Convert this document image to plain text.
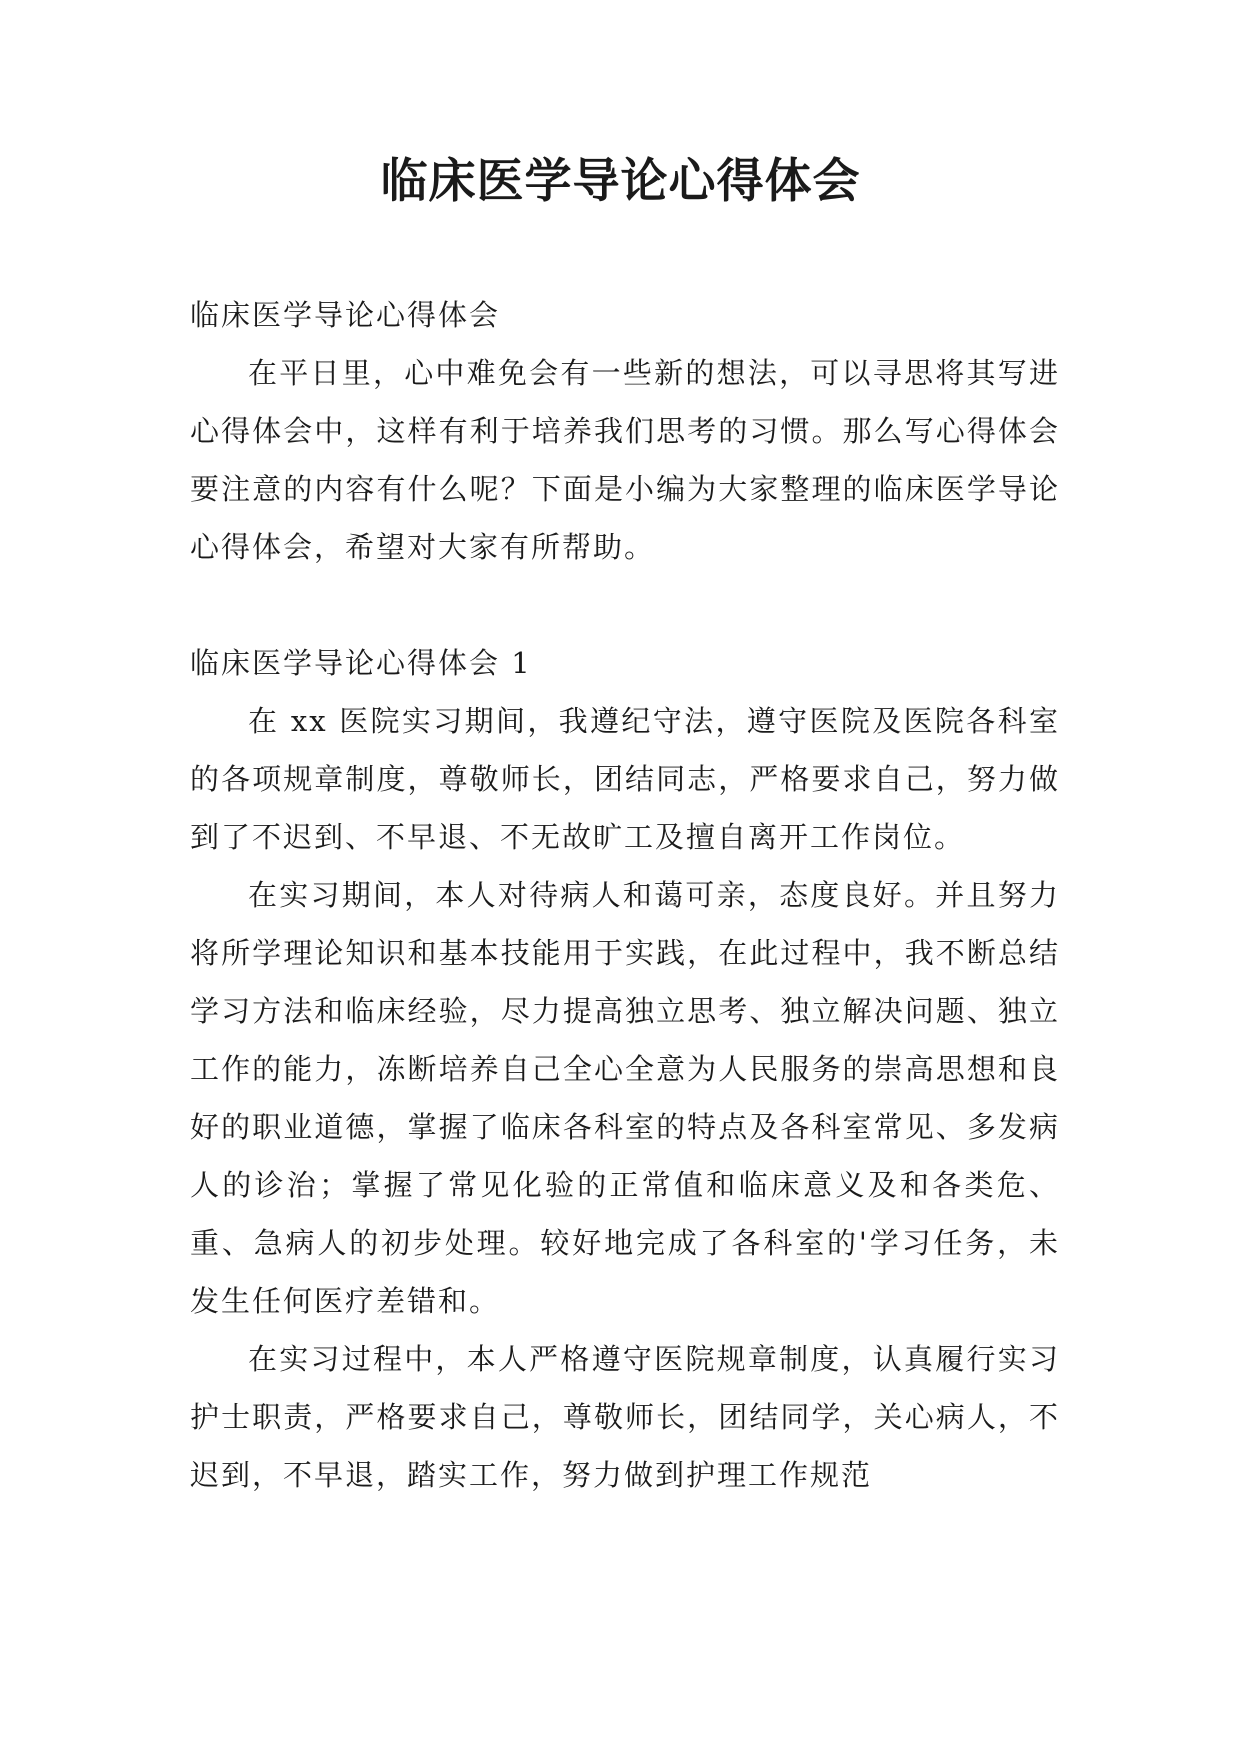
临床医学导论心得体会

临床医学导论心得体会

在平日里，心中难免会有一些新的想法，可以寻思将其写进心得体会中，这样有利于培养我们思考的习惯。那么写心得体会要注意的内容有什么呢？下面是小编为大家整理的临床医学导论心得体会，希望对大家有所帮助。

临床医学导论心得体会 1

在 xx 医院实习期间，我遵纪守法，遵守医院及医院各科室的各项规章制度，尊敬师长，团结同志，严格要求自己，努力做到了不迟到、不早退、不无故旷工及擅自离开工作岗位。

在实习期间，本人对待病人和蔼可亲，态度良好。并且努力将所学理论知识和基本技能用于实践，在此过程中，我不断总结学习方法和临床经验，尽力提高独立思考、独立解决问题、独立工作的能力，冻断培养自己全心全意为人民服务的崇高思想和良好的职业道德，掌握了临床各科室的特点及各科室常见、多发病人的诊治；掌握了常见化验的正常值和临床意义及和各类危、重、急病人的初步处理。较好地完成了各科室的'学习任务，未发生任何医疗差错和。

在实习过程中，本人严格遵守医院规章制度，认真履行实习护士职责，严格要求自己，尊敬师长，团结同学，关心病人，不迟到，不早退，踏实工作，努力做到护理工作规范
